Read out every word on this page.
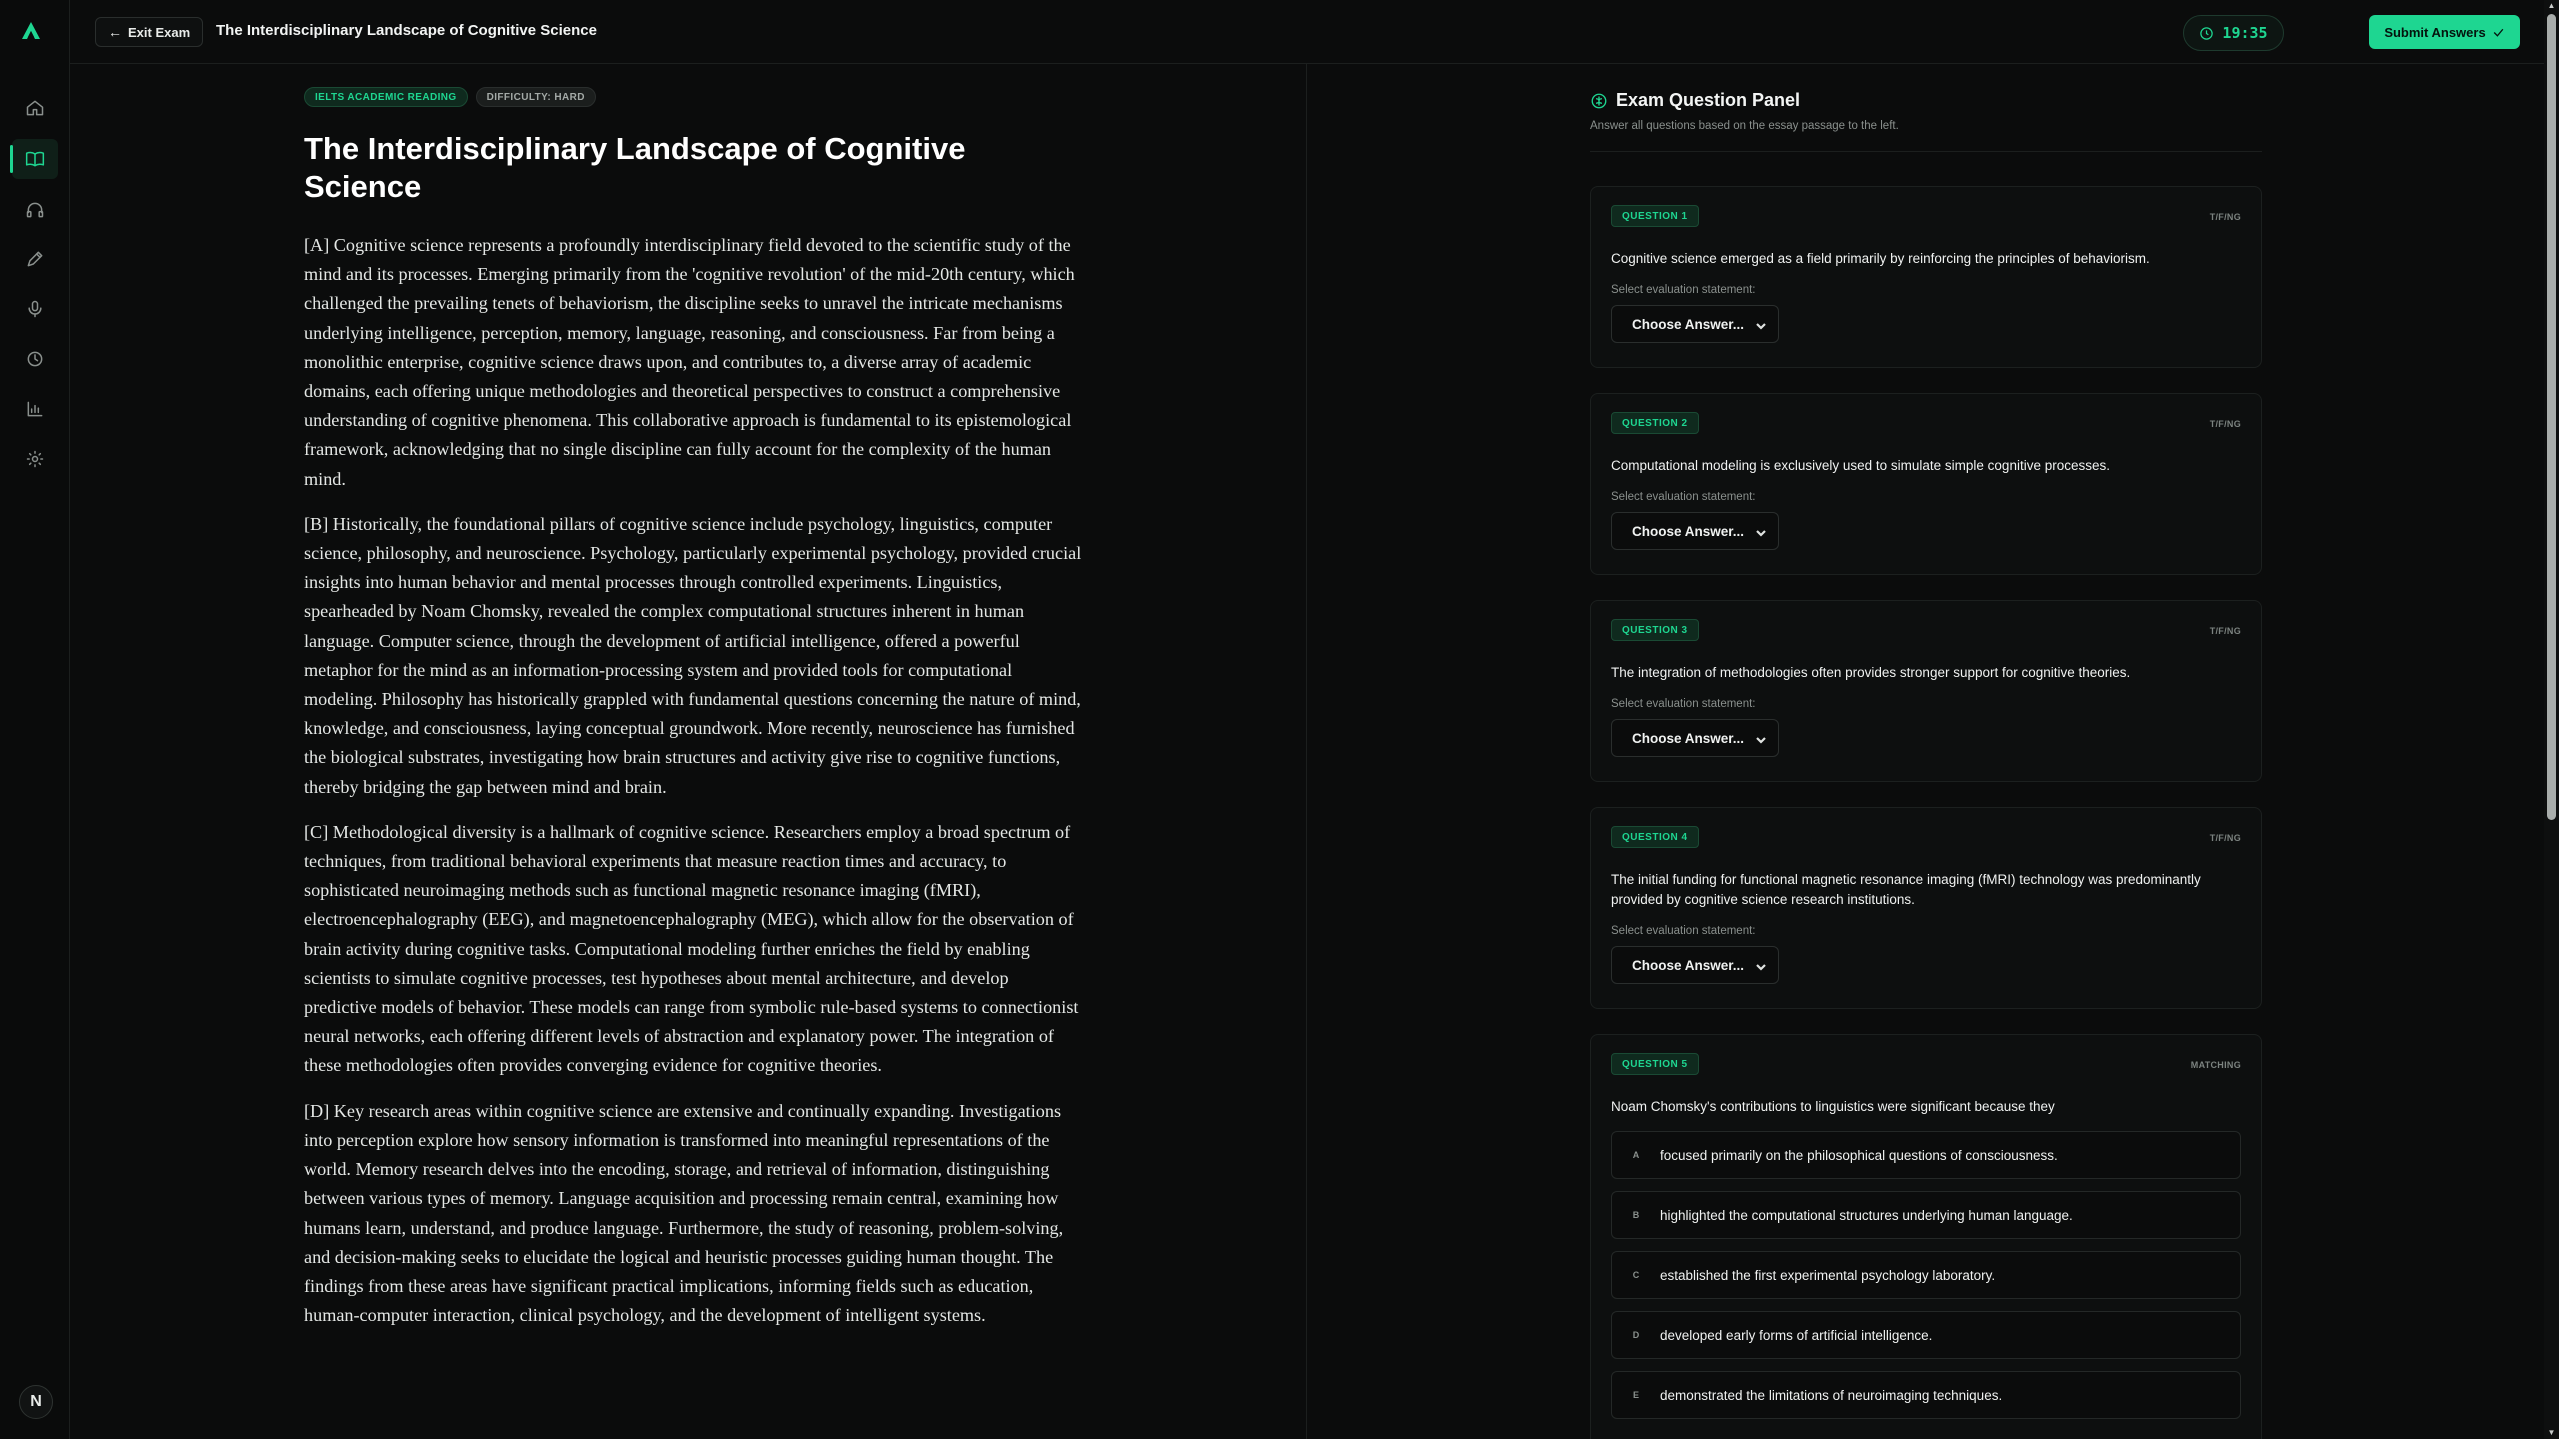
N
← Exit Exam The Interdisciplinary Landscape of Cognitive Science	19:35	Submit Answers
IELTS ACADEMIC READING	DIFFICULTY: HARD
The Interdisciplinary Landscape of Cognitive Science

[A] Cognitive science represents a profoundly interdisciplinary field devoted to the scientific study of the mind and its processes. Emerging primarily from the 'cognitive revolution' of the mid-20th century, which challenged the prevailing tenets of behaviorism, the discipline seeks to unravel the intricate mechanisms underlying intelligence, perception, memory, language, reasoning, and consciousness. Far from being a monolithic enterprise, cognitive science draws upon, and contributes to, a diverse array of academic domains, each offering unique methodologies and theoretical perspectives to construct a comprehensive understanding of cognitive phenomena. This collaborative approach is fundamental to its epistemological framework, acknowledging that no single discipline can fully account for the complexity of the human mind.

[B] Historically, the foundational pillars of cognitive science include psychology, linguistics, computer science, philosophy, and neuroscience. Psychology, particularly experimental psychology, provided crucial insights into human behavior and mental processes through controlled experiments. Linguistics, spearheaded by Noam Chomsky, revealed the complex computational structures inherent in human language. Computer science, through the development of artificial intelligence, offered a powerful metaphor for the mind as an information-processing system and provided tools for computational modeling. Philosophy has historically grappled with fundamental questions concerning the nature of mind, knowledge, and consciousness, laying conceptual groundwork. More recently, neuroscience has furnished the biological substrates, investigating how brain structures and activity give rise to cognitive functions, thereby bridging the gap between mind and brain.

[C] Methodological diversity is a hallmark of cognitive science. Researchers employ a broad spectrum of techniques, from traditional behavioral experiments that measure reaction times and accuracy, to sophisticated neuroimaging methods such as functional magnetic resonance imaging (fMRI), electroencephalography (EEG), and magnetoencephalography (MEG), which allow for the observation of brain activity during cognitive tasks. Computational modeling further enriches the field by enabling scientists to simulate cognitive processes, test hypotheses about mental architecture, and develop predictive models of behavior. These models can range from symbolic rule-based systems to connectionist neural networks, each offering different levels of abstraction and explanatory power. The integration of these methodologies often provides converging evidence for cognitive theories.

[D] Key research areas within cognitive science are extensive and continually expanding. Investigations into perception explore how sensory information is transformed into meaningful representations of the world. Memory research delves into the encoding, storage, and retrieval of information, distinguishing between various types of memory. Language acquisition and processing remain central, examining how humans learn, understand, and produce language. Furthermore, the study of reasoning, problem-solving, and decision-making seeks to elucidate the logical and heuristic processes guiding human thought. The findings from these areas have significant practical implications, informing fields such as education, human-computer interaction, clinical psychology, and the development of intelligent systems.

Exam Question Panel
Answer all questions based on the essay passage to the left.
QUESTION 1	T/F/NG
Cognitive science emerged as a field primarily by reinforcing the principles of behaviorism.
Select evaluation statement:
Choose Answer...
QUESTION 2	T/F/NG
Computational modeling is exclusively used to simulate simple cognitive processes.
Select evaluation statement:
Choose Answer...
QUESTION 3	T/F/NG
The integration of methodologies often provides stronger support for cognitive theories.
Select evaluation statement:
Choose Answer...
QUESTION 4	T/F/NG
The initial funding for functional magnetic resonance imaging (fMRI) technology was predominantly provided by cognitive science research institutions.
Select evaluation statement:
Choose Answer...
QUESTION 5	MATCHING
Noam Chomsky's contributions to linguistics were significant because they
A	focused primarily on the philosophical questions of consciousness.
B	highlighted the computational structures underlying human language.
C	established the first experimental psychology laboratory.
D	developed early forms of artificial intelligence.
E	demonstrated the limitations of neuroimaging techniques.
▲
▼
